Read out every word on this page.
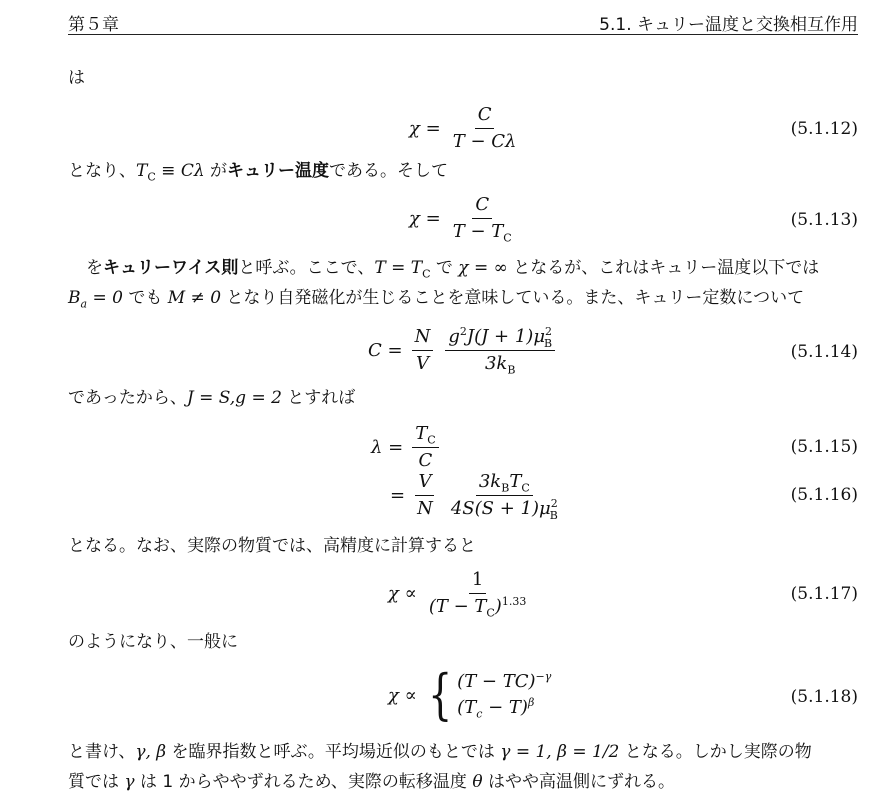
第５章	5.1. キュリー温度と交換相互作用
は
$\chi = \frac{C}{T - C\lambda}$	(5.1.12)
となり、$T_C \equiv C\lambda$ がキュリー温度である。そして
$\chi = \frac{C}{T - T_C}$	(5.1.13)
をキュリーワイス則と呼ぶ。ここで、$T = T_C$ で χ = ∞ となるが、これはキュリー温度以下では
$B_a = 0$ でも M ≠ 0 となり自発磁化が生じることを意味している。また、キュリー定数について
$C = \frac{N}{V} \frac{g^2J(J + 1)\mu^2_B}{3k_B}$	(5.1.14)
であったから、J = S,g = 2 とすれば
$\lambda = \frac{T_C}{C}$	(5.1.15)
= $\frac{V}{N} \frac{3k_BT_C}{4S(S + 1)\mu^2_B}$	(5.1.16)
となる。なお、実際の物質では、高精度に計算すると
$\chi \propto \frac{1}{(T - T_C)^{1.33}}$	(5.1.17)
のようになり、一般に
χ ∝ { (T − TC)$^{-\gamma}$
$(T_c - T)^\beta$	(5.1.18)
と書け、γ, β を臨界指数と呼ぶ。平均場近似のもとでは γ = 1, β = 1/2 となる。しかし実際の物
質では γ は 1 からややずれるため、実際の転移温度 θ はやや高温側にずれる。
